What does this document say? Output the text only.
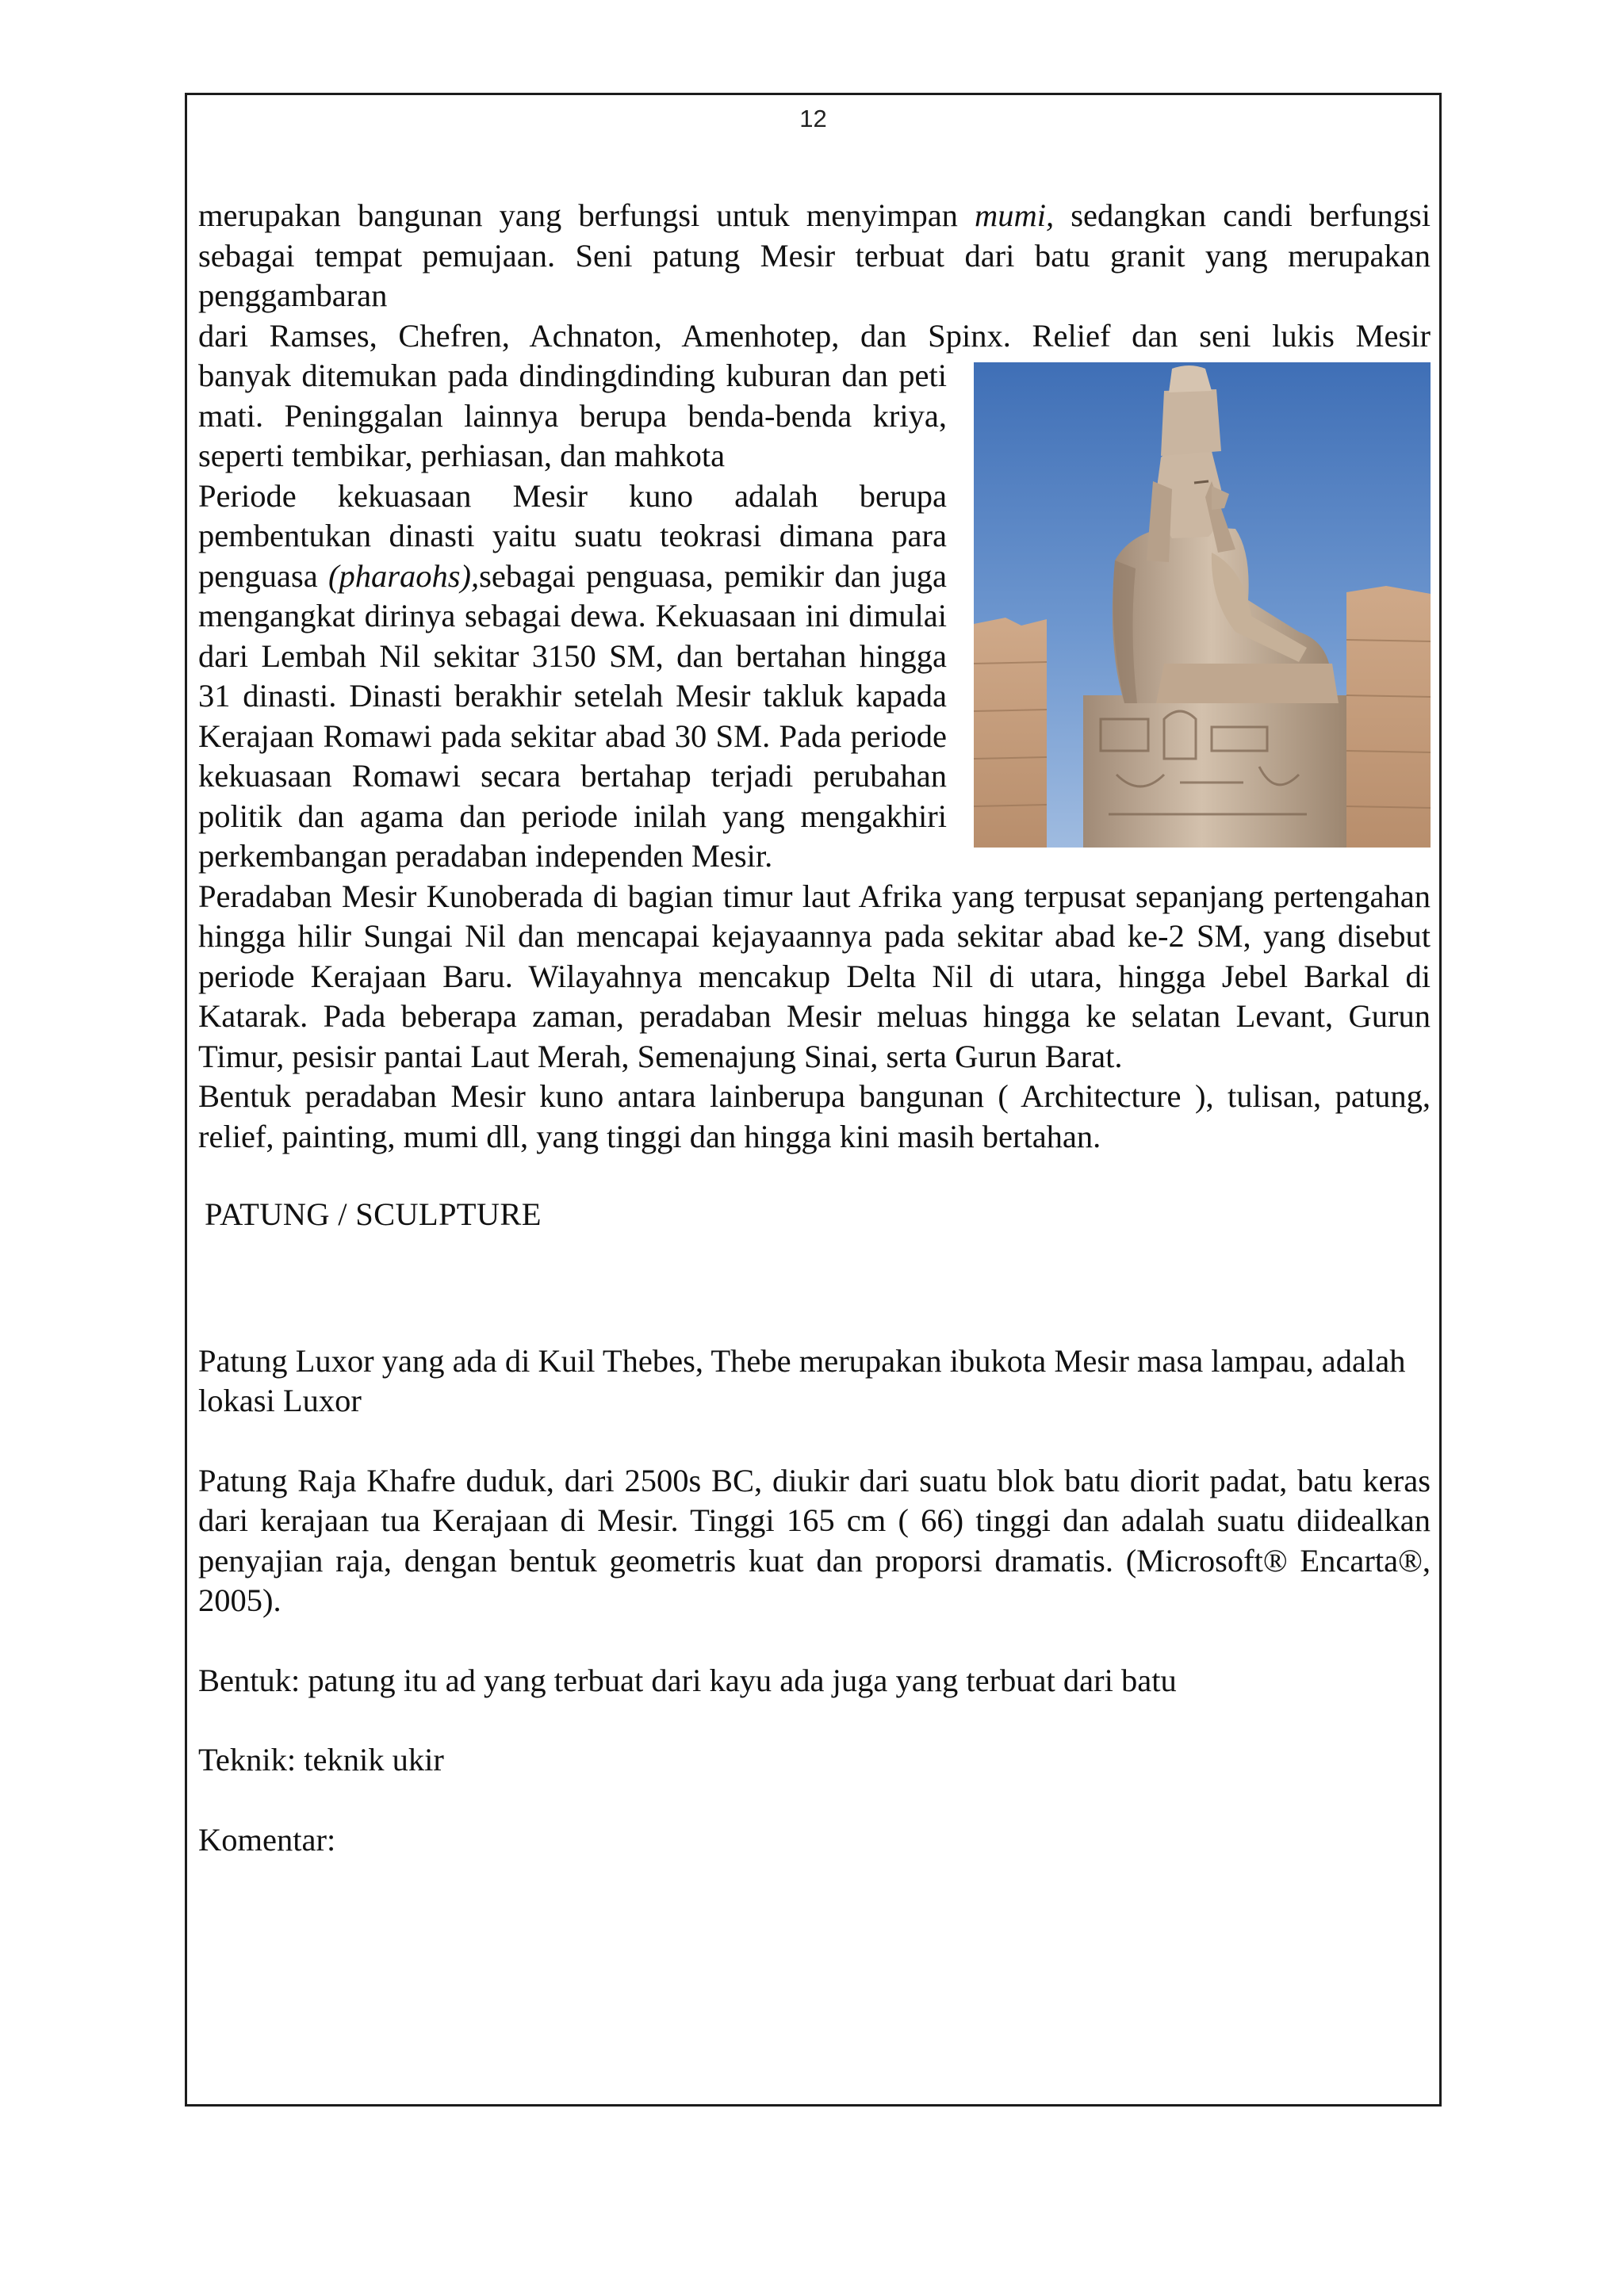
12

merupakan bangunan yang berfungsi untuk menyimpan mumi, sedangkan candi berfungsi sebagai tempat pemujaan. Seni patung Mesir terbuat dari batu granit yang merupakan penggambaran

dari Ramses, Chefren, Achnaton, Amenhotep, dan Spinx. Relief dan seni lukis Mesir

banyak ditemukan pada dindingdinding kuburan dan peti mati. Peninggalan lainnya berupa benda-benda kriya, seperti tembikar, perhiasan, dan mahkota

Periode kekuasaan Mesir kuno adalah berupa pembentukan dinasti yaitu suatu teokrasi dimana para penguasa (pharaohs),sebagai penguasa, pemikir dan juga mengangkat dirinya sebagai dewa. Kekuasaan ini dimulai dari Lembah Nil sekitar 3150 SM, dan bertahan hingga 31 dinasti. Dinasti berakhir setelah Mesir takluk kapada Kerajaan Romawi pada sekitar abad 30 SM. Pada periode kekuasaan Romawi secara bertahap terjadi perubahan politik dan agama dan periode inilah yang mengakhiri perkembangan peradaban independen Mesir.

Peradaban Mesir Kunoberada di bagian timur laut Afrika yang terpusat sepanjang pertengahan hingga hilir Sungai Nil dan mencapai kejayaannya pada sekitar abad ke-2 SM, yang disebut periode Kerajaan Baru. Wilayahnya mencakup Delta Nil di utara, hingga Jebel Barkal di Katarak. Pada beberapa zaman, peradaban Mesir meluas hingga ke selatan Levant, Gurun Timur, pesisir pantai Laut Merah, Semenajung Sinai, serta Gurun Barat.

Bentuk peradaban Mesir kuno antara lainberupa bangunan ( Architecture ), tulisan, patung, relief, painting, mumi dll, yang tinggi dan hingga kini masih bertahan.

PATUNG / SCULPTURE

Patung Luxor yang ada di Kuil Thebes, Thebe merupakan ibukota Mesir masa lampau, adalah lokasi Luxor

Patung Raja Khafre duduk, dari 2500s BC, diukir dari suatu blok batu diorit padat, batu keras dari kerajaan tua Kerajaan di Mesir. Tinggi 165 cm ( 66) tinggi dan adalah suatu diidealkan penyajian raja, dengan bentuk geometris kuat dan proporsi dramatis. (Microsoft® Encarta®, 2005).

Bentuk: patung itu ad yang terbuat dari kayu ada juga yang terbuat dari batu

Teknik: teknik ukir

Komentar:
